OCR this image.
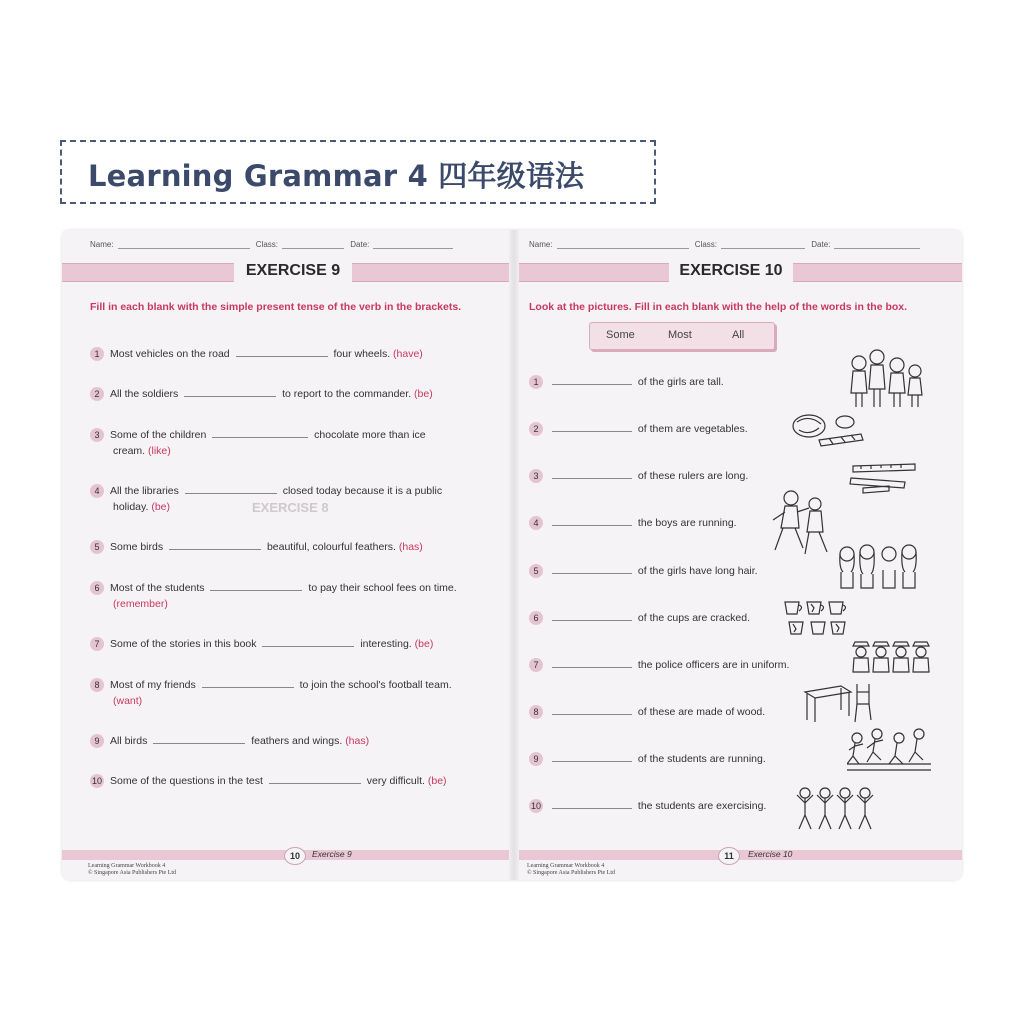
Learning Grammar 4 四年级语法
Name:	Class:	Date:
EXERCISE 9
EXERCISE 8
Fill in each blank with the simple present tense of the verb in the brackets.
1 Most vehicles on the road	four wheels. (have)
2 All the soldiers	to report to the commander. (be)
3 Some of the children	chocolate more than ice
cream. (like)
4 All the libraries	closed today because it is a public
holiday. (be)
5 Some birds	beautiful, colourful feathers. (has)
6 Most of the students	to pay their school fees on time.
(remember)
7 Some of the stories in this book	interesting. (be)
8 Most of my friends	to join the school's football team.
(want)
9 All birds	feathers and wings. (has)
10 Some of the questions in the test	very difficult. (be)
10	Exercise 9
Learning Grammar Workbook 4
© Singapore Asia Publishers Pte Ltd
Name:	Class:	Date:
EXERCISE 10
Look at the pictures. Fill in each blank with the help of the words in the box.
Some	Most	All
1	of the girls are tall.
2	of them are vegetables.
3	of these rulers are long.
4	the boys are running.
5	of the girls have long hair.
6	of the cups are cracked.
7	the police officers are in uniform.
8	of these are made of wood.
9	of the students are running.
10	the students are exercising.
11	Exercise 10
Learning Grammar Workbook 4
© Singapore Asia Publishers Pte Ltd
